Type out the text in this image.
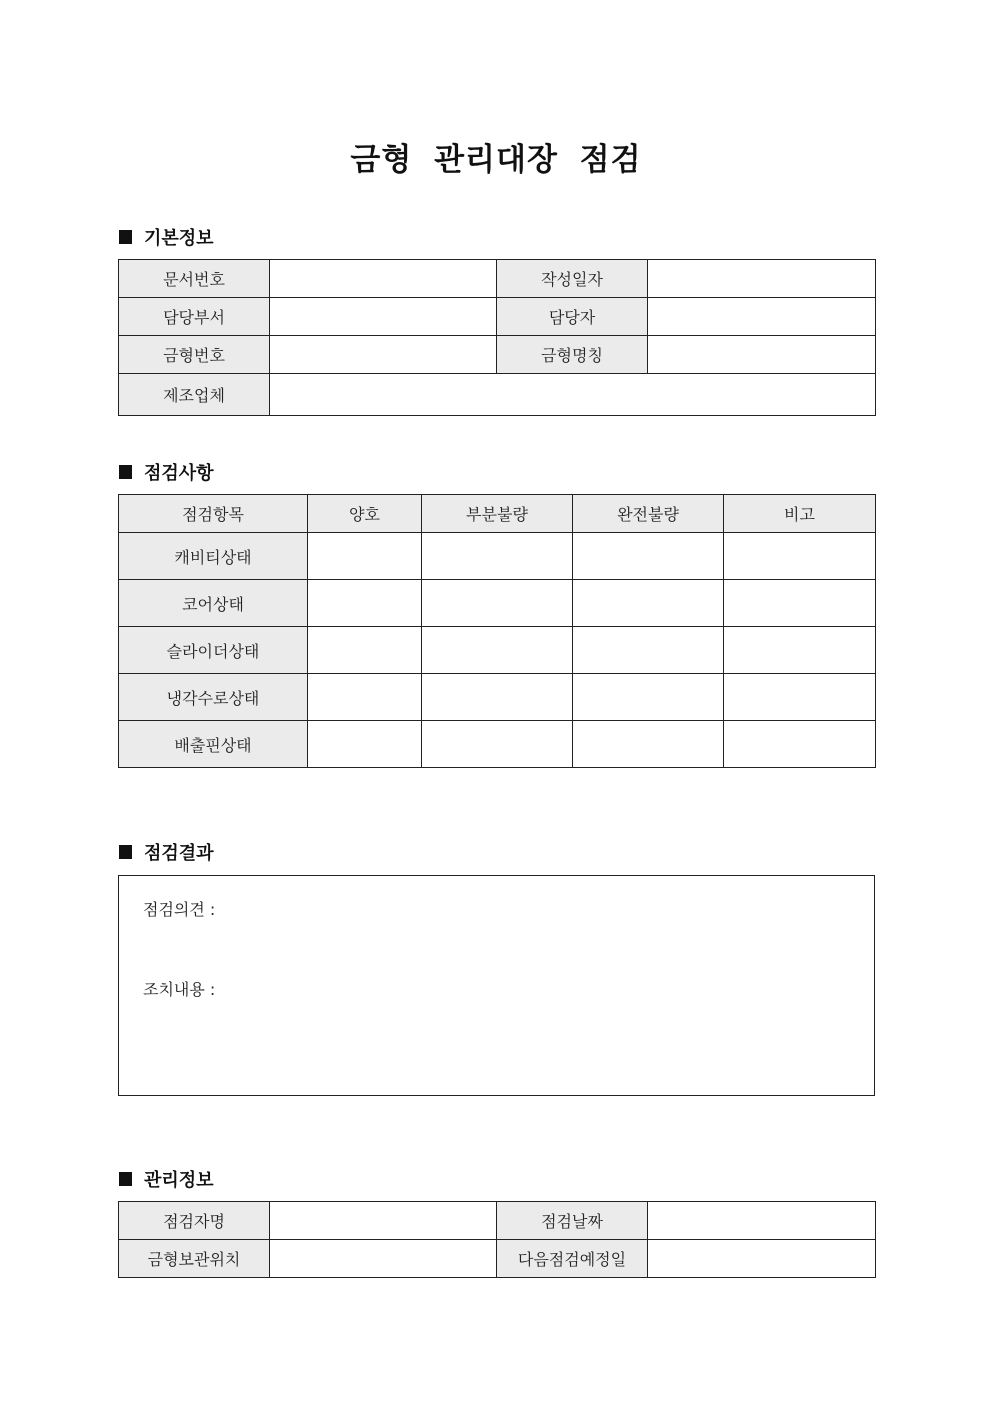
금형 관리대장 점검
기본정보
문서번호		작성일자	
담당부서		담당자	
금형번호		금형명칭	
제조업체			
점검사항
점검항목	양호	부분불량	완전불량	비고
캐비티상태				
코어상태				
슬라이더상태				
냉각수로상태				
배출핀상태				
점검결과
점검의견 :
조치내용 :
관리정보
점검자명		점검날짜	
금형보관위치		다음점검예정일	
